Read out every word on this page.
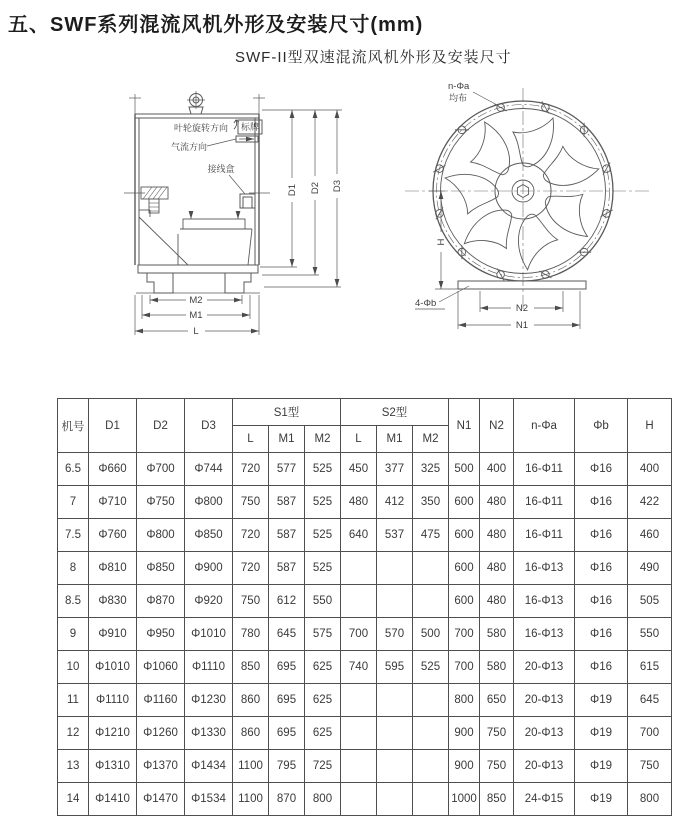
五、SWF系列混流风机外形及安装尺寸(mm)
SWF-II型双速混流风机外形及安装尺寸
叶轮旋转方向 标牌
气流方向
接线盒
M2
M1
L
D1 D2 D3
n-Φa
均布
4-Φb
H
N2
N1
机号	D1	D2	D3	S1型			S2型			N1	N2	n-Φa	Φb	H
				L	M1	M2	L	M1	M2					
6.5	Φ660	Φ700	Φ744	720	577	525	450	377	325	500	400	16-Φ11	Φ16	400
7	Φ710	Φ750	Φ800	750	587	525	480	412	350	600	480	16-Φ11	Φ16	422
7.5	Φ760	Φ800	Φ850	720	587	525	640	537	475	600	480	16-Φ11	Φ16	460
8	Φ810	Φ850	Φ900	720	587	525				600	480	16-Φ13	Φ16	490
8.5	Φ830	Φ870	Φ920	750	612	550				600	480	16-Φ13	Φ16	505
9	Φ910	Φ950	Φ1010	780	645	575	700	570	500	700	580	16-Φ13	Φ16	550
10	Φ1010	Φ1060	Φ1110	850	695	625	740	595	525	700	580	20-Φ13	Φ16	615
11	Φ1110	Φ1160	Φ1230	860	695	625				800	650	20-Φ13	Φ19	645
12	Φ1210	Φ1260	Φ1330	860	695	625				900	750	20-Φ13	Φ19	700
13	Φ1310	Φ1370	Φ1434	1100	795	725				900	750	20-Φ13	Φ19	750
14	Φ1410	Φ1470	Φ1534	1100	870	800				1000	850	24-Φ15	Φ19	800
